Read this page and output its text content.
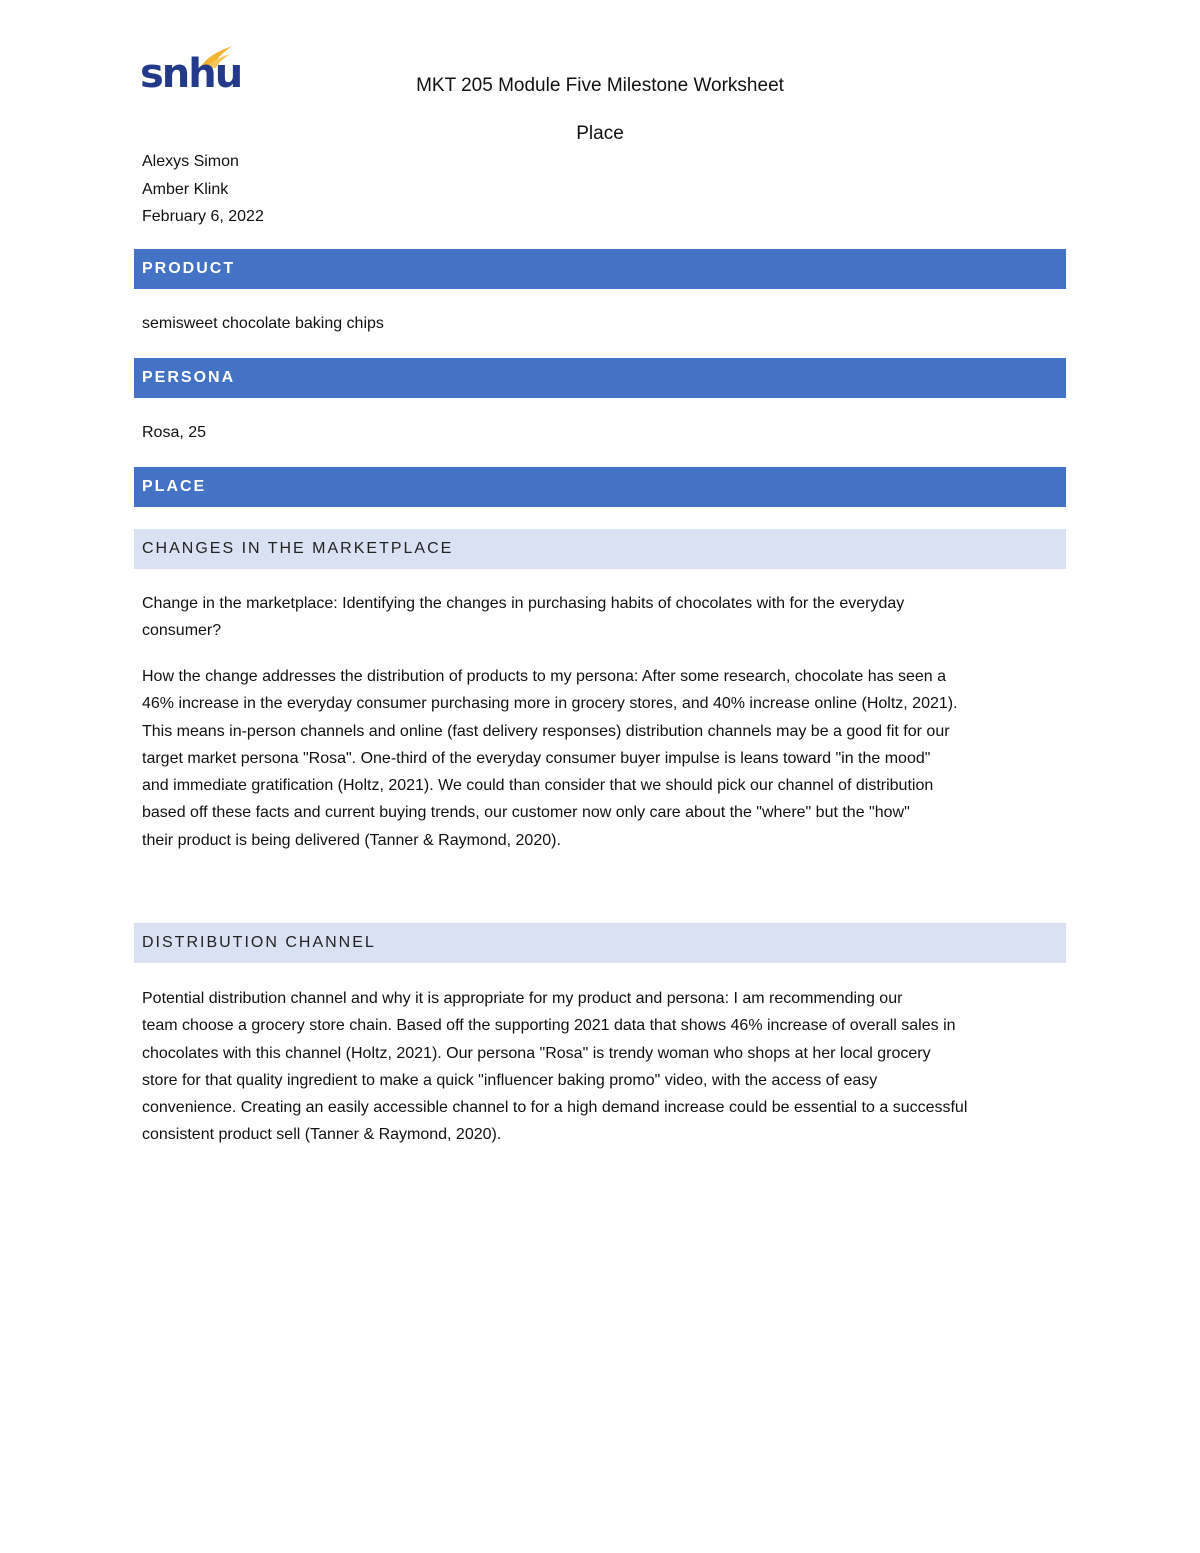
snhu	MKT 205 Module Five Milestone Worksheet
Place
Alexys Simon
Amber Klink
February 6, 2022
PRODUCT
semisweet chocolate baking chips
PERSONA
Rosa, 25
PLACE
CHANGES IN THE MARKETPLACE
Change in the marketplace: Identifying the changes in purchasing habits of chocolates with for the everyday
consumer?
How the change addresses the distribution of products to my persona: After some research, chocolate has seen a
46% increase in the everyday consumer purchasing more in grocery stores, and 40% increase online (Holtz, 2021).
This means in-person channels and online (fast delivery responses) distribution channels may be a good fit for our
target market persona "Rosa". One-third of the everyday consumer buyer impulse is leans toward "in the mood"
and immediate gratification (Holtz, 2021). We could than consider that we should pick our channel of distribution
based off these facts and current buying trends, our customer now only care about the "where" but the "how"
their product is being delivered (Tanner & Raymond, 2020).
DISTRIBUTION CHANNEL
Potential distribution channel and why it is appropriate for my product and persona: I am recommending our
team choose a grocery store chain. Based off the supporting 2021 data that shows 46% increase of overall sales in
chocolates with this channel (Holtz, 2021). Our persona "Rosa" is trendy woman who shops at her local grocery
store for that quality ingredient to make a quick "influencer baking promo" video, with the access of easy
convenience. Creating an easily accessible channel to for a high demand increase could be essential to a successful
consistent product sell (Tanner & Raymond, 2020).
